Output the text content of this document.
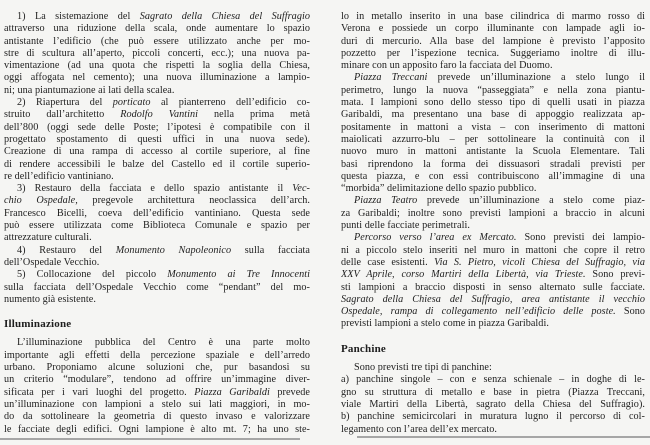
1) La sistemazione del Sagrato della Chiesa del Suffragio
attraverso una riduzione della scala, onde aumentare lo spazio
antistante l’edificio (che può essere utilizzato anche per mo-
stre di scultura all’aperto, piccoli concerti, ecc.); una nuova pa-
vimentazione (ad una quota che rispetti la soglia della Chiesa,
oggi affogata nel cemento); una nuova illuminazione a lampio-
ni; una piantumazione ai lati della scalea.
2) Riapertura del porticato al pianterreno dell’edificio co-
struito dall’architetto Rodolfo Vantini nella prima metà
dell’800 (oggi sede delle Poste; l’ipotesi è compatibile con il
progettato spostamento di questi uffici in una nuova sede).
Creazione di una rampa di accesso al cortile superiore, al fine
di rendere accessibili le balze del Castello ed il cortile superio-
re dell’edificio vantiniano.
3) Restauro della facciata e dello spazio antistante il Vec-
chio Ospedale, pregevole architettura neoclassica dell’arch.
Francesco Bicelli, coeva dell’edificio vantiniano. Questa sede
può essere utilizzata come Biblioteca Comunale e spazio per
attrezzature culturali.
4) Restauro del Monumento Napoleonico sulla facciata
dell’Ospedale Vecchio.
5) Collocazione del piccolo Monumento ai Tre Innocenti
sulla facciata dell’Ospedale Vecchio come “pendant” del mo-
numento già esistente.
Illuminazione
L’illuminazione pubblica del Centro è una parte molto
importante agli effetti della percezione spaziale e dell’arredo
urbano. Proponiamo alcune soluzioni che, pur basandosi su
un criterio “modulare”, tendono ad offrire un’immagine diver-
sificata per i vari luoghi del progetto. Piazza Garibaldi prevede
un’illuminazione con lampioni a stelo sui lati maggiori, in mo-
do da sottolineare la geometria di questo invaso e valorizzare
le facciate degli edifici. Ogni lampione è alto mt. 7; ha uno ste-
lo in metallo inserito in una base cilindrica di marmo rosso di
Verona e possiede un corpo illuminante con lampade agli io-
duri di mercurio. Alla base del lampione è previsto l’apposito
pozzetto per l’ispezione tecnica. Suggeriamo inoltre di illu-
minare con un apposito faro la facciata del Duomo.
Piazza Treccani prevede un’illuminazione a stelo lungo il
perimetro, lungo la nuova “passeggiata” e nella zona piantu-
mata. I lampioni sono dello stesso tipo di quelli usati in piazza
Garibaldi, ma presentano una base di appoggio realizzata ap-
positamente in mattoni a vista – con inserimento di mattoni
maiolicati azzurro-blu – per sottolineare la continuità con il
nuovo muro in mattoni antistante la Scuola Elementare. Tali
basi riprendono la forma dei dissuasori stradali previsti per
questa piazza, e con essi contribuiscono all’immagine di una
“morbida” delimitazione dello spazio pubblico.
Piazza Teatro prevede un’illuminazione a stelo come piaz-
za Garibaldi; inoltre sono previsti lampioni a braccio in alcuni
punti delle facciate perimetrali.
Percorso verso l’area ex Mercato. Sono previsti dei lampio-
ni a piccolo stelo inseriti nel muro in mattoni che copre il retro
delle case esistenti. Via S. Pietro, vicoli Chiesa del Suffragio, via
XXV Aprile, corso Martiri della Libertà, via Trieste. Sono previ-
sti lampioni a braccio disposti in senso alternato sulle facciate.
Sagrato della Chiesa del Suffragio, area antistante il vecchio
Ospedale, rampa di collegamento nell’edificio delle poste. Sono
previsti lampioni a stelo come in piazza Garibaldi.
Panchine
Sono previsti tre tipi di panchine:
a) panchine singole – con e senza schienale – in doghe di le-
gno su struttura di metallo e base in pietra (Piazza Treccani,
viale Martiri della Libertà, sagrato della Chiesa del Suffragio).
b) panchine semicircolari in muratura lugno il percorso di col-
legamento con l’area dell’ex mercato.
